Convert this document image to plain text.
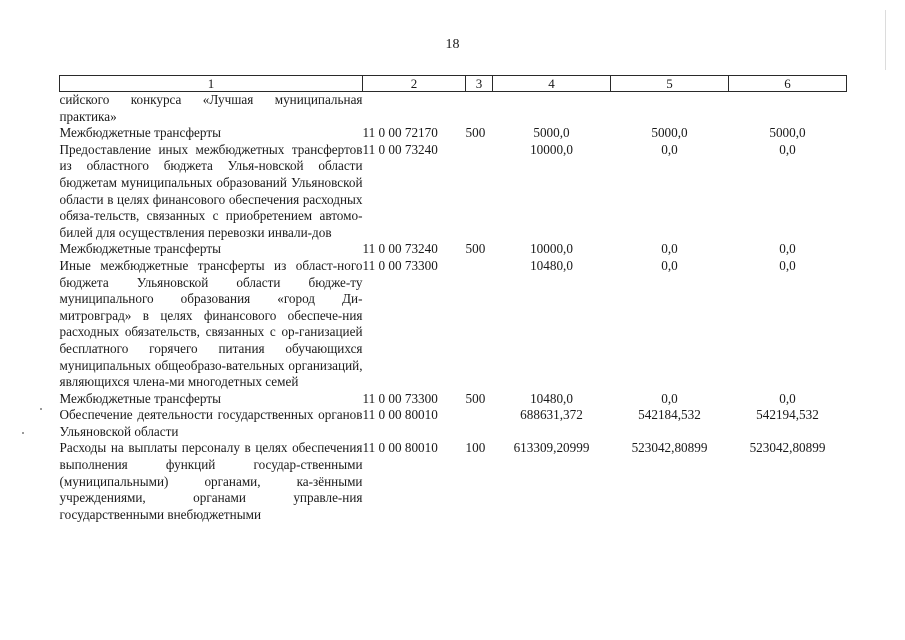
18
1	2	3	4	5	6
сийского конкурса «Лучшая муниципальная практика»					
Межбюджетные трансферты	11 0 00 72170	500	5000,0	5000,0	5000,0
Предоставление иных межбюджетных трансфертов из областного бюджета Улья-новской области бюджетам муниципальных образований Ульяновской области в целях финансового обеспечения расходных обяза-тельств, связанных с приобретением автомо-билей для осуществления перевозки инвали-дов	11 0 00 73240		10000,0	0,0	0,0
Межбюджетные трансферты	11 0 00 73240	500	10000,0	0,0	0,0
Иные межбюджетные трансферты из област-ного бюджета Ульяновской области бюдже-ту муниципального образования «город Ди-митровград» в целях финансового обеспече-ния расходных обязательств, связанных с ор-ганизацией бесплатного горячего питания обучающихся муниципальных общеобразо-вательных организаций, являющихся члена-ми многодетных семей	11 0 00 73300		10480,0	0,0	0,0
Межбюджетные трансферты	11 0 00 73300	500	10480,0	0,0	0,0
Обеспечение деятельности государственных органов Ульяновской области	11 0 00 80010		688631,372	542184,532	542194,532
Расходы на выплаты персоналу в целях обеспечения выполнения функций государ-ственными (муниципальными) органами, ка-зёнными учреждениями, органами управле-ния государственными внебюджетными	11 0 00 80010	100	613309,20999	523042,80899	523042,80899
